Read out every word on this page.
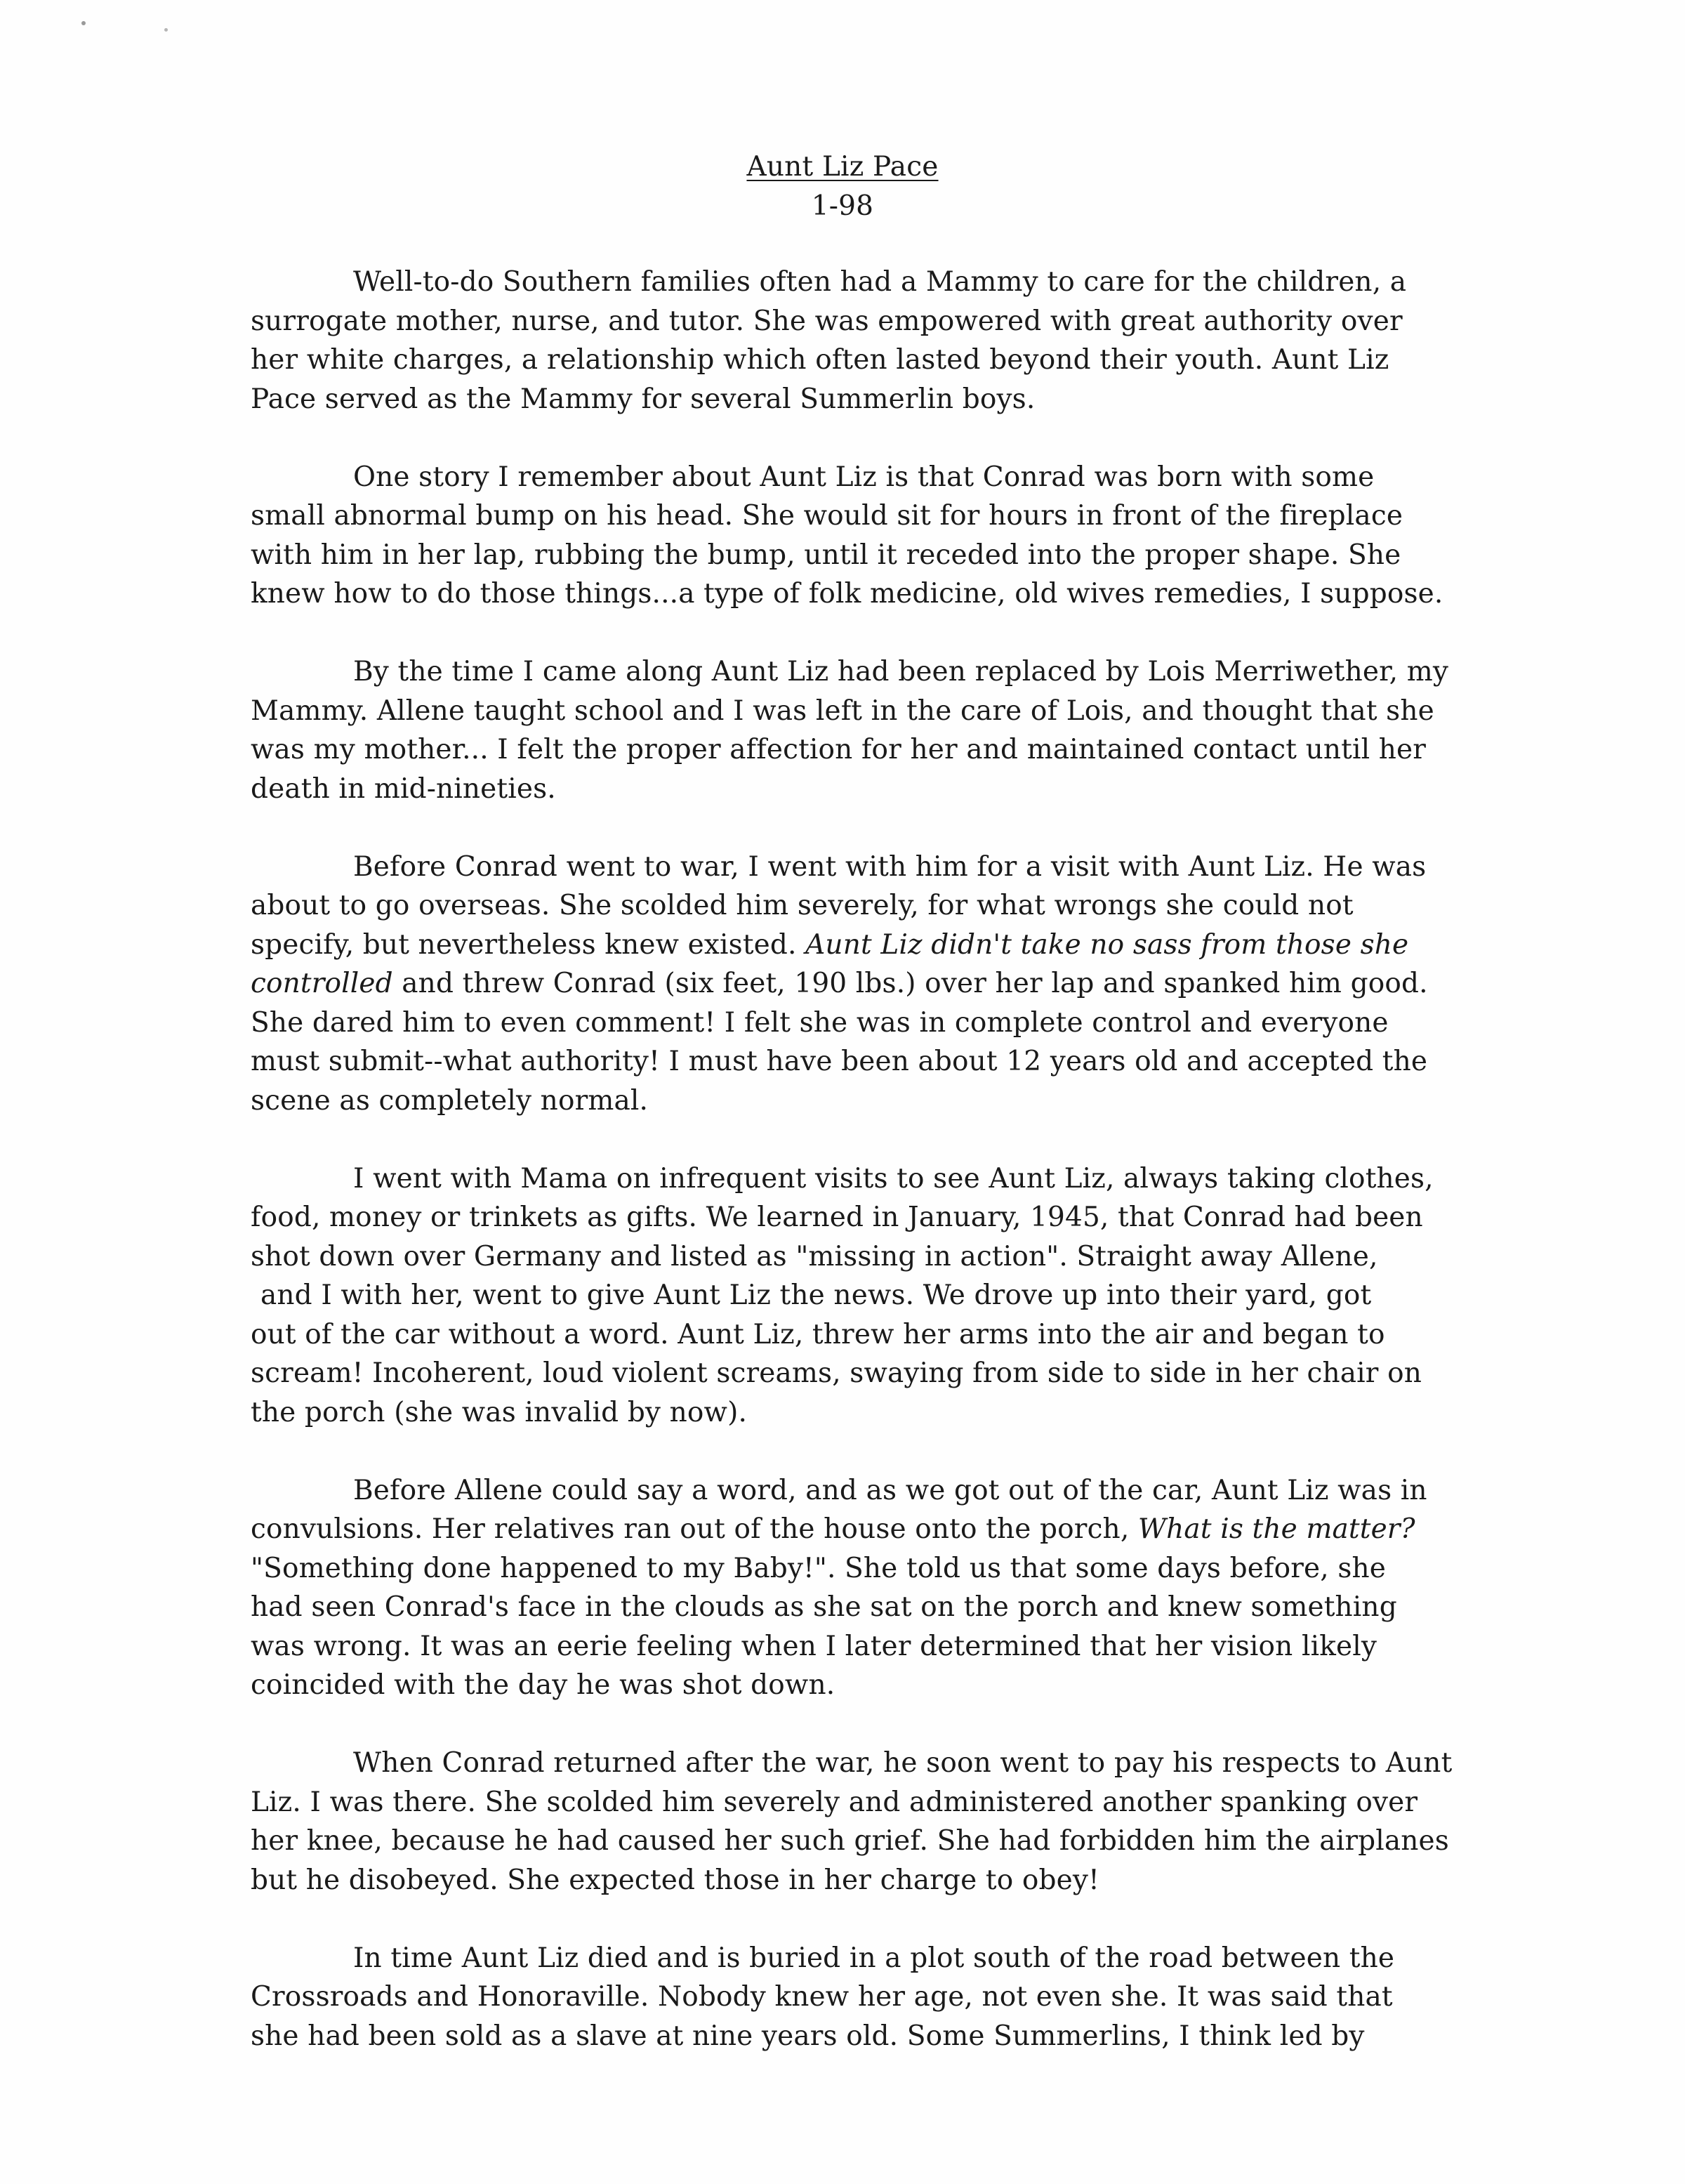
Aunt Liz Pace
1-98

Well-to-do Southern families often had a Mammy to care for the children, a
surrogate mother, nurse, and tutor. She was empowered with great authority over
her white charges, a relationship which often lasted beyond their youth. Aunt Liz
Pace served as the Mammy for several Summerlin boys.

One story I remember about Aunt Liz is that Conrad was born with some
small abnormal bump on his head. She would sit for hours in front of the fireplace
with him in her lap, rubbing the bump, until it receded into the proper shape. She
knew how to do those things...a type of folk medicine, old wives remedies, I suppose.

By the time I came along Aunt Liz had been replaced by Lois Merriwether, my
Mammy. Allene taught school and I was left in the care of Lois, and thought that she
was my mother... I felt the proper affection for her and maintained contact until her
death in mid-nineties.

Before Conrad went to war, I went with him for a visit with Aunt Liz. He was
about to go overseas. She scolded him severely, for what wrongs she could not
specify, but nevertheless knew existed. Aunt Liz didn't take no sass from those she
controlled and threw Conrad (six feet, 190 lbs.) over her lap and spanked him good.
She dared him to even comment! I felt she was in complete control and everyone
must submit--what authority! I must have been about 12 years old and accepted the
scene as completely normal.

I went with Mama on infrequent visits to see Aunt Liz, always taking clothes,
food, money or trinkets as gifts. We learned in January, 1945, that Conrad had been
shot down over Germany and listed as "missing in action". Straight away Allene,
and I with her, went to give Aunt Liz the news. We drove up into their yard, got
out of the car without a word. Aunt Liz, threw her arms into the air and began to
scream! Incoherent, loud violent screams, swaying from side to side in her chair on
the porch (she was invalid by now).

Before Allene could say a word, and as we got out of the car, Aunt Liz was in
convulsions. Her relatives ran out of the house onto the porch, What is the matter?
"Something done happened to my Baby!". She told us that some days before, she
had seen Conrad's face in the clouds as she sat on the porch and knew something
was wrong. It was an eerie feeling when I later determined that her vision likely
coincided with the day he was shot down.

When Conrad returned after the war, he soon went to pay his respects to Aunt
Liz. I was there. She scolded him severely and administered another spanking over
her knee, because he had caused her such grief. She had forbidden him the airplanes
but he disobeyed. She expected those in her charge to obey!

In time Aunt Liz died and is buried in a plot south of the road between the
Crossroads and Honoraville. Nobody knew her age, not even she. It was said that
she had been sold as a slave at nine years old. Some Summerlins, I think led by
